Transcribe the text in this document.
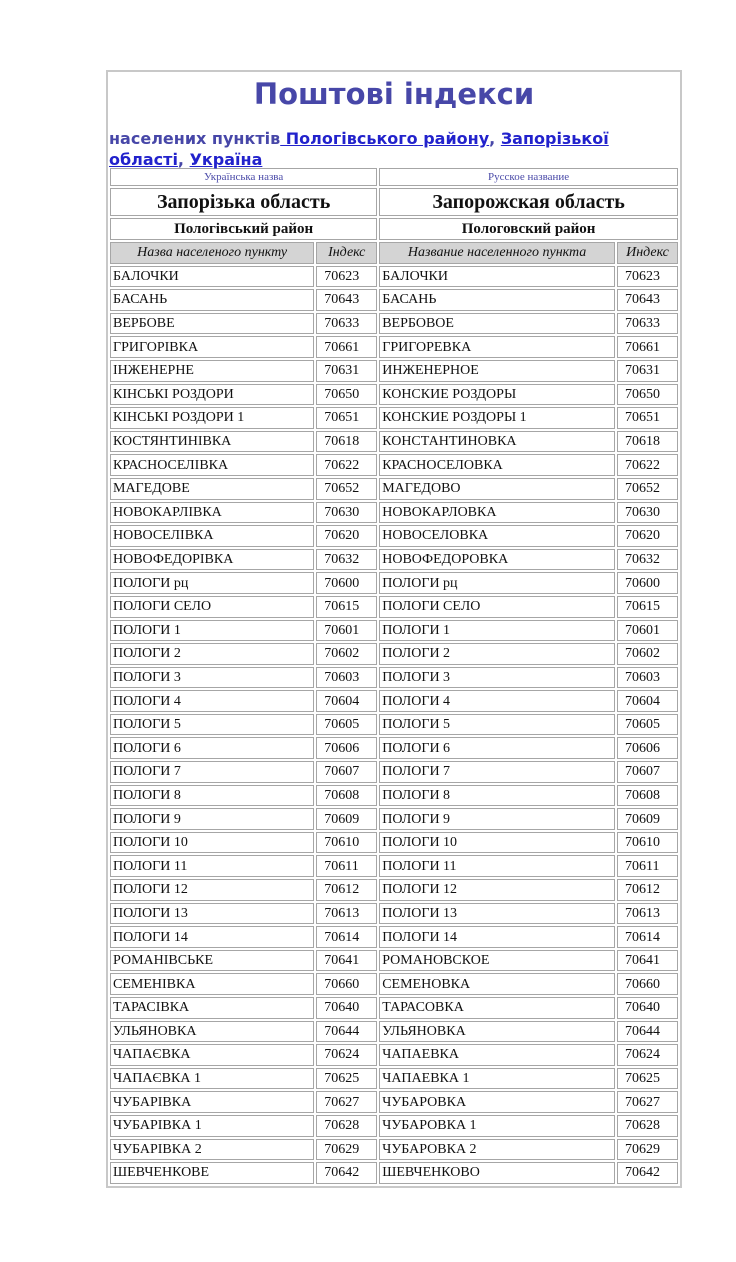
Поштові індекси
населених пунктів Пологівського району, Запорізької області, Україна
Українська назва		Русское название	
Запорізька область		Запорожская область	
Пологівський район		Пологовский район	
Назва населеного пункту	Індекс	Название населенного пункта	Индекс
БАЛОЧКИ	70623	БАЛОЧКИ	70623
БАСАНЬ	70643	БАСАНЬ	70643
ВЕРБОВЕ	70633	ВЕРБОВОЕ	70633
ГРИГОРІВКА	70661	ГРИГОРЕВКА	70661
ІНЖЕНЕРНЕ	70631	ИНЖЕНЕРНОЕ	70631
КІНСЬКІ РОЗДОРИ	70650	КОНСКИЕ РОЗДОРЫ	70650
КІНСЬКІ РОЗДОРИ 1	70651	КОНСКИЕ РОЗДОРЫ 1	70651
КОСТЯНТИНІВКА	70618	КОНСТАНТИНОВКА	70618
КРАСНОСЕЛІВКА	70622	КРАСНОСЕЛОВКА	70622
МАГЕДОВЕ	70652	МАГЕДОВО	70652
НОВОКАРЛІВКА	70630	НОВОКАРЛОВКА	70630
НОВОСЕЛІВКА	70620	НОВОСЕЛОВКА	70620
НОВОФЕДОРІВКА	70632	НОВОФЕДОРОВКА	70632
ПОЛОГИ рц	70600	ПОЛОГИ рц	70600
ПОЛОГИ СЕЛО	70615	ПОЛОГИ СЕЛО	70615
ПОЛОГИ 1	70601	ПОЛОГИ 1	70601
ПОЛОГИ 2	70602	ПОЛОГИ 2	70602
ПОЛОГИ 3	70603	ПОЛОГИ 3	70603
ПОЛОГИ 4	70604	ПОЛОГИ 4	70604
ПОЛОГИ 5	70605	ПОЛОГИ 5	70605
ПОЛОГИ 6	70606	ПОЛОГИ 6	70606
ПОЛОГИ 7	70607	ПОЛОГИ 7	70607
ПОЛОГИ 8	70608	ПОЛОГИ 8	70608
ПОЛОГИ 9	70609	ПОЛОГИ 9	70609
ПОЛОГИ 10	70610	ПОЛОГИ 10	70610
ПОЛОГИ 11	70611	ПОЛОГИ 11	70611
ПОЛОГИ 12	70612	ПОЛОГИ 12	70612
ПОЛОГИ 13	70613	ПОЛОГИ 13	70613
ПОЛОГИ 14	70614	ПОЛОГИ 14	70614
РОМАНІВСЬКЕ	70641	РОМАНОВСКОЕ	70641
СЕМЕНІВКА	70660	СЕМЕНОВКА	70660
ТАРАСІВКА	70640	ТАРАСОВКА	70640
УЛЬЯНОВКА	70644	УЛЬЯНОВКА	70644
ЧАПАЄВКА	70624	ЧАПАЕВКА	70624
ЧАПАЄВКА 1	70625	ЧАПАЕВКА 1	70625
ЧУБАРІВКА	70627	ЧУБАРОВКА	70627
ЧУБАРІВКА 1	70628	ЧУБАРОВКА 1	70628
ЧУБАРІВКА 2	70629	ЧУБАРОВКА 2	70629
ШЕВЧЕНКОВЕ	70642	ШЕВЧЕНКОВО	70642
